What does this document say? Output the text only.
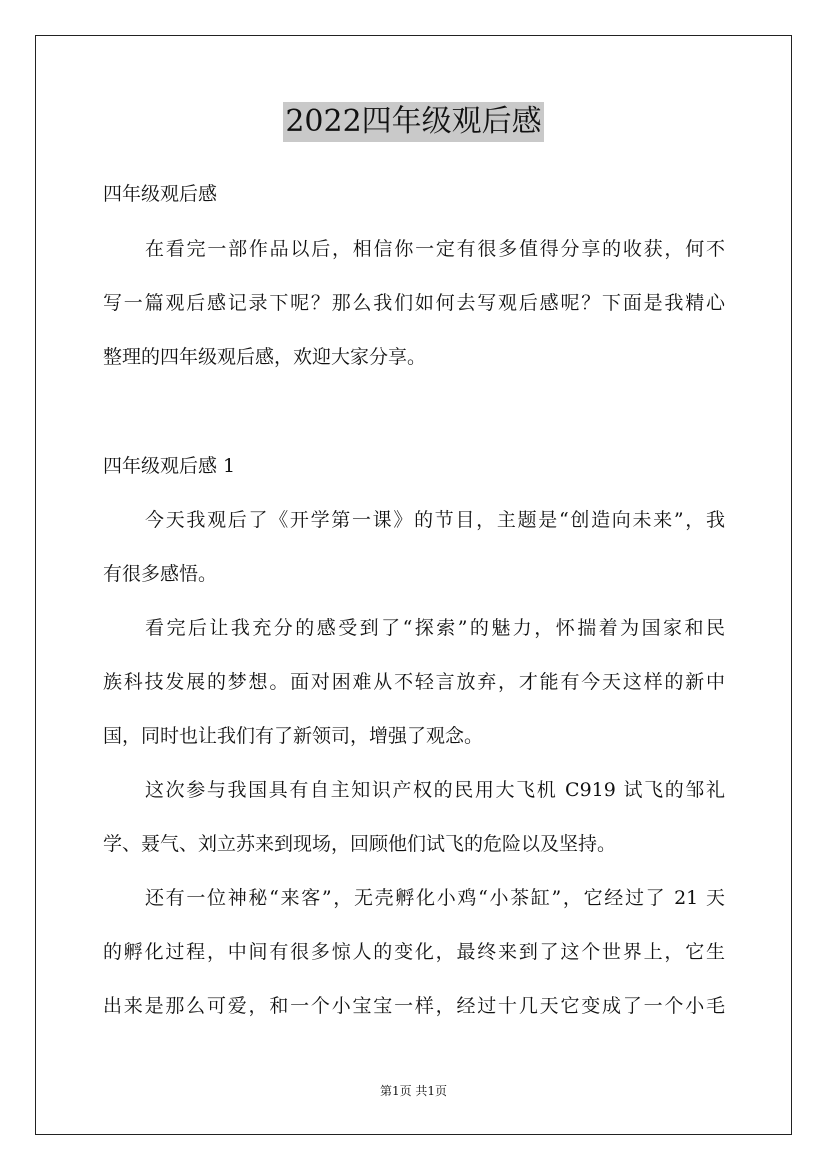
2022四年级观后感
四年级观后感
在看完一部作品以后，相信你一定有很多值得分享的收获，何不
写一篇观后感记录下呢？那么我们如何去写观后感呢？下面是我精心
整理的四年级观后感，欢迎大家分享。
四年级观后感 1
今天我观后了《开学第一课》的节目，主题是“创造向未来”，我
有很多感悟。
看完后让我充分的感受到了“探索”的魅力，怀揣着为国家和民
族科技发展的梦想。面对困难从不轻言放弃，才能有今天这样的新中
国，同时也让我们有了新领司，增强了观念。
这次参与我国具有自主知识产权的民用大飞机 C919 试飞的邹礼
学、聂气、刘立苏来到现场，回顾他们试飞的危险以及坚持。
还有一位神秘“来客”，无壳孵化小鸡“小茶缸”，它经过了 21 天
的孵化过程，中间有很多惊人的变化，最终来到了这个世界上，它生
出来是那么可爱，和一个小宝宝一样，经过十几天它变成了一个小毛
第1页 共1页
